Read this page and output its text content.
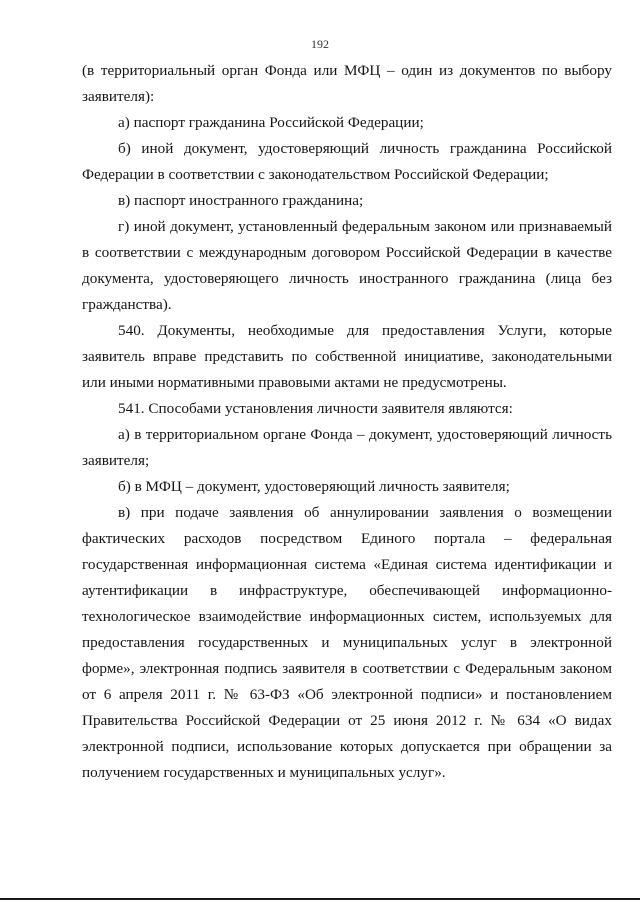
192

(в территориальный орган Фонда или МФЦ – один из документов по выбору заявителя):

а) паспорт гражданина Российской Федерации;

б) иной документ, удостоверяющий личность гражданина Российской Федерации в соответствии с законодательством Российской Федерации;

в) паспорт иностранного гражданина;

г) иной документ, установленный федеральным законом или признаваемый в соответствии с международным договором Российской Федерации в качестве документа, удостоверяющего личность иностранного гражданина (лица без гражданства).

540. Документы, необходимые для предоставления Услуги, которые заявитель вправе представить по собственной инициативе, законодательными или иными нормативными правовыми актами не предусмотрены.

541. Способами установления личности заявителя являются:

а) в территориальном органе Фонда – документ, удостоверяющий личность заявителя;

б) в МФЦ – документ, удостоверяющий личность заявителя;

в) при подаче заявления об аннулировании заявления о возмещении фактических расходов посредством Единого портала – федеральная государственная информационная система «Единая система идентификации и аутентификации в инфраструктуре, обеспечивающей информационно-технологическое взаимодействие информационных систем, используемых для предоставления государственных и муниципальных услуг в электронной форме», электронная подпись заявителя в соответствии с Федеральным законом от 6 апреля 2011 г. № 63-ФЗ «Об электронной подписи» и постановлением Правительства Российской Федерации от 25 июня 2012 г. № 634 «О видах электронной подписи, использование которых допускается при обращении за получением государственных и муниципальных услуг».
